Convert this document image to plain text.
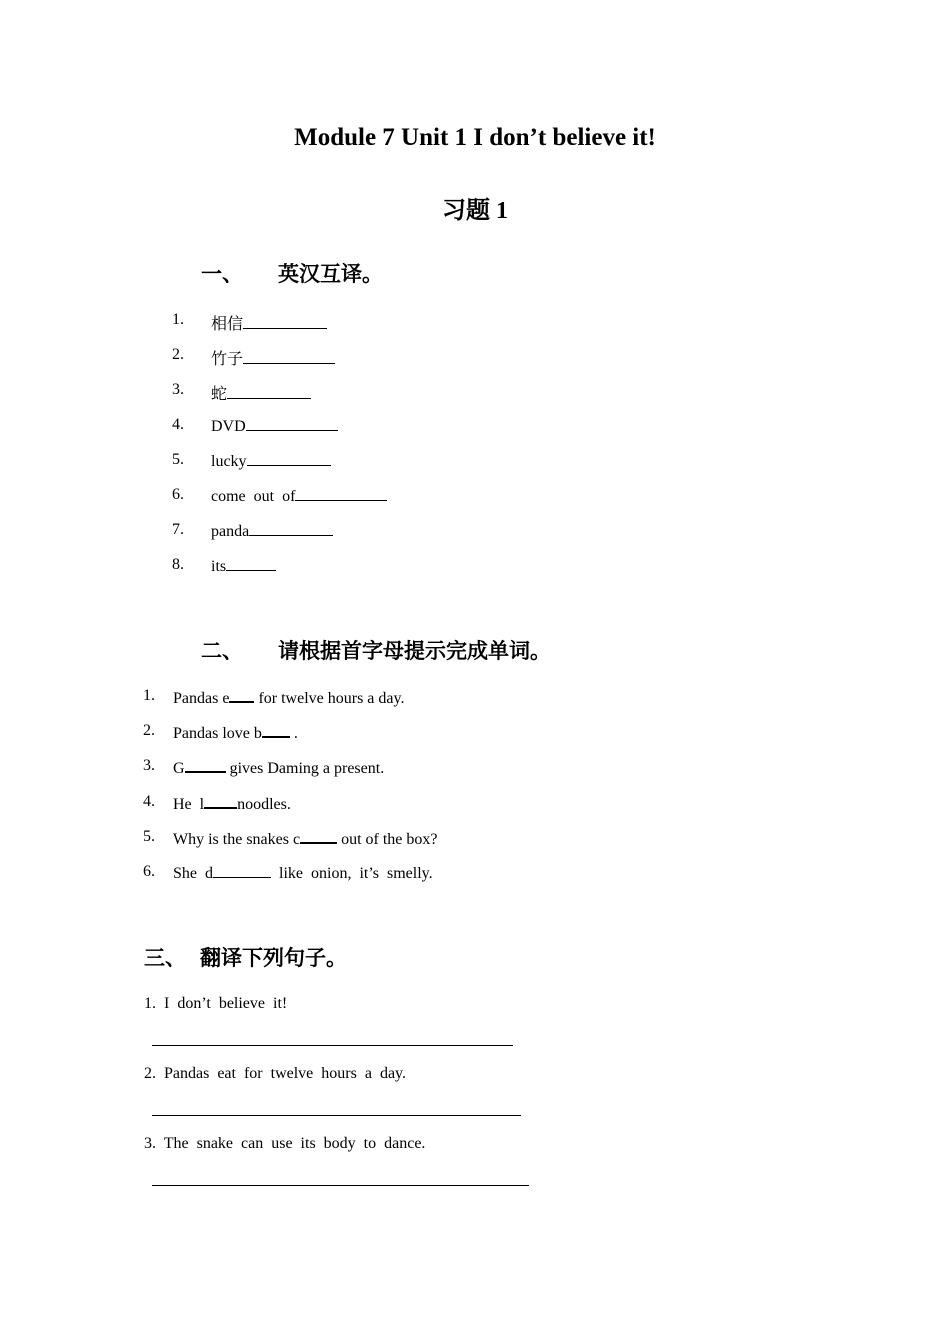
Module 7 Unit 1 I don’t believe it!
习题 1
一、 英汉互译。
1. 相信
2. 竹子
3. 蛇
4. DVD
5. lucky
6. come  out  of
7. panda
8. its
二、 请根据首字母提示完成单词。
1. Pandas e for twelve hours a day.
2. Pandas love b .
3. G	gives Daming a present.
4. He  l noodles.
5. Why is the snakes c out of the box?
6. She  d	like  onion,  it’s  smelly.
三、 翻译下列句子。
1.  I  don’t  believe  it!
2.  Pandas  eat  for  twelve  hours  a  day.
3.  The  snake  can  use  its  body  to  dance.
